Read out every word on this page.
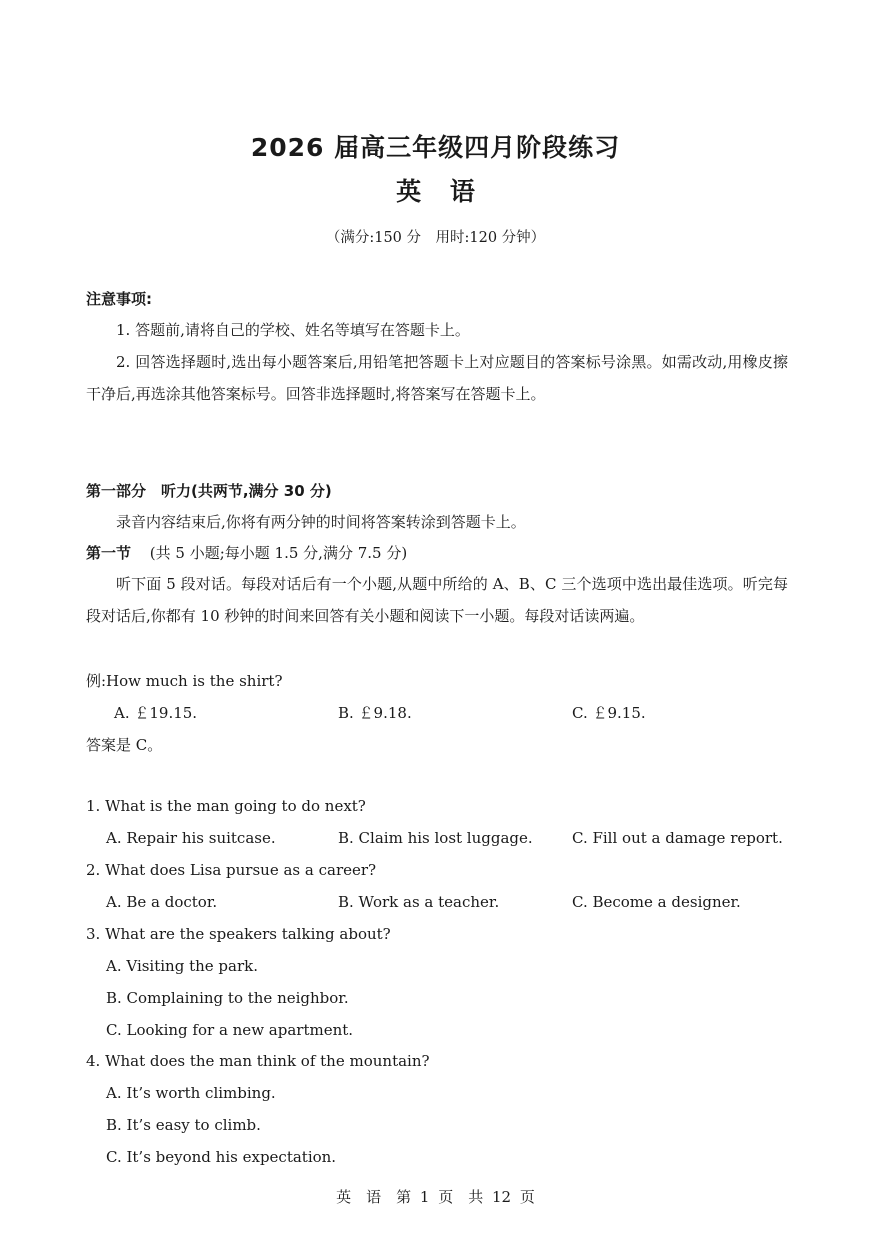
2026 届高三年级四月阶段练习
英 语
（满分:150 分　用时:120 分钟）
注意事项:
1. 答题前,请将自己的学校、姓名等填写在答题卡上。
2. 回答选择题时,选出每小题答案后,用铅笔把答题卡上对应题目的答案标号涂黑。如需改动,用橡皮擦干净后,再选涂其他答案标号。回答非选择题时,将答案写在答题卡上。
第一部分　听力(共两节,满分 30 分)
录音内容结束后,你将有两分钟的时间将答案转涂到答题卡上。
第一节 (共 5 小题;每小题 1.5 分,满分 7.5 分)
听下面 5 段对话。每段对话后有一个小题,从题中所给的 A、B、C 三个选项中选出最佳选项。听完每段对话后,你都有 10 秒钟的时间来回答有关小题和阅读下一小题。每段对话读两遍。
例:How much is the shirt?
A. ￡19.15.	B. ￡9.18.	C. ￡9.15.
答案是 C。
1. What is the man going to do next?
A. Repair his suitcase.	B. Claim his lost luggage.	C. Fill out a damage report.
2. What does Lisa pursue as a career?
A. Be a doctor.	B. Work as a teacher.	C. Become a designer.
3. What are the speakers talking about?
A. Visiting the park.
B. Complaining to the neighbor.
C. Looking for a new apartment.
4. What does the man think of the mountain?
A. It’s worth climbing.
B. It’s easy to climb.
C. It’s beyond his expectation.
英　语　第 1 页　共 12 页
